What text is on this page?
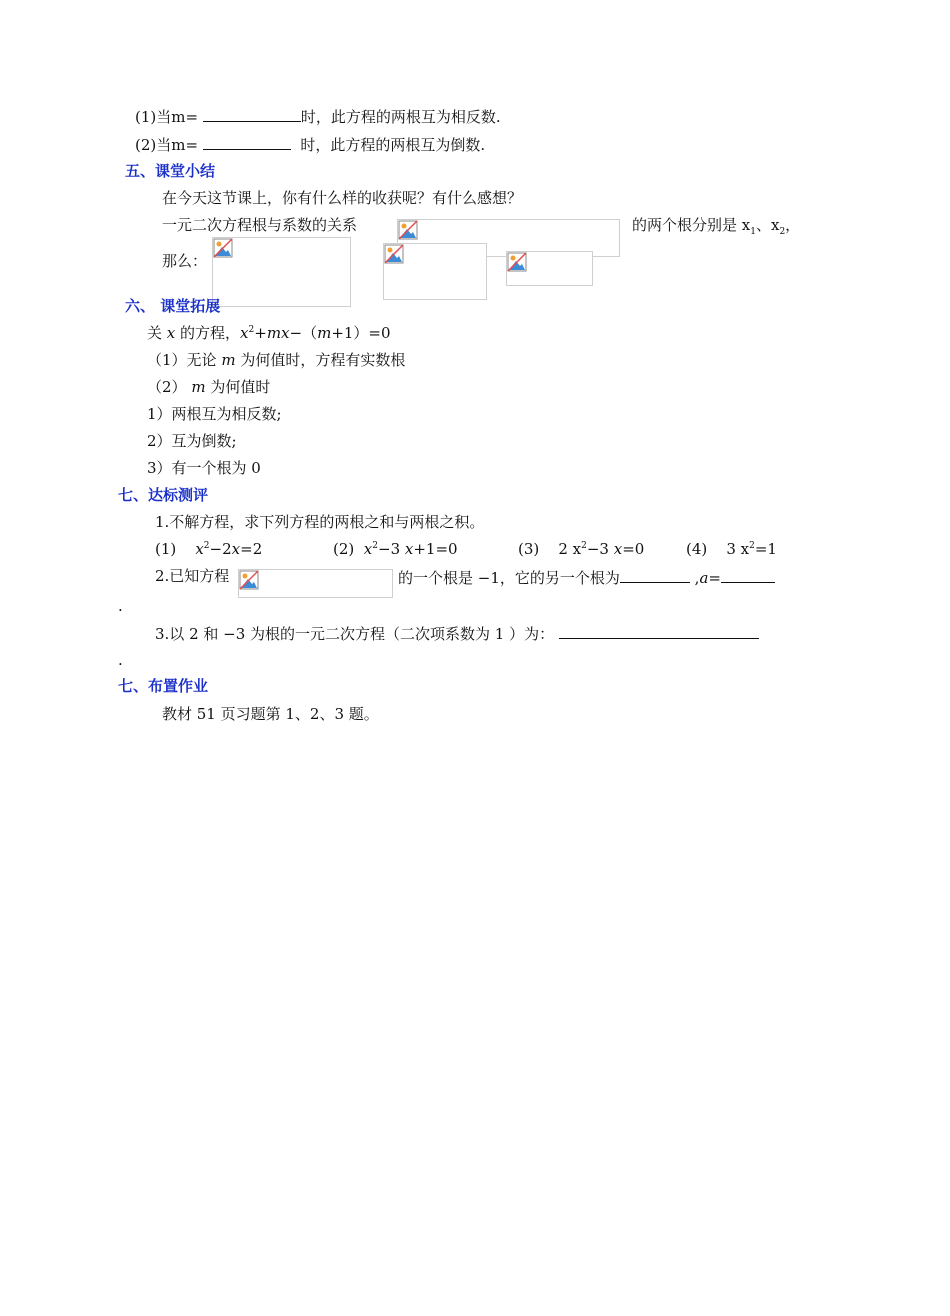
(1)当m=	时，此方程的两根互为相反数.
(2)当m=	时，此方程的两根互为倒数.
五、课堂小结
在今天这节课上，你有什么样的收获呢？有什么感想？
一元二次方程根与系数的关系	的两个根分别是 $x_1$、$x_2$，
那么：
六、 课堂拓展
关 x 的方程，$x^2+mx-(m+1)=0$
（1）无论 m 为何值时，方程有实数根
（2） m 为何值时
1）两根互为相反数;
2）互为倒数;
3）有一个根为 0
七、达标测评
1.不解方程，求下列方程的两根之和与两根之积。
(1) $x^2-2x=2$	(2) $x^2-3$ x+1=0	(3) 2 $x^2-3$ x=0	(4) 3 $x^2=1$
2.已知方程	的一个根是 −1，它的另一个根为	,a=
.
3.以 2 和 −3 为根的一元二次方程（二次项系数为 1 ）为：
.
七、布置作业
教材 51 页习题第 1、2、3 题。
